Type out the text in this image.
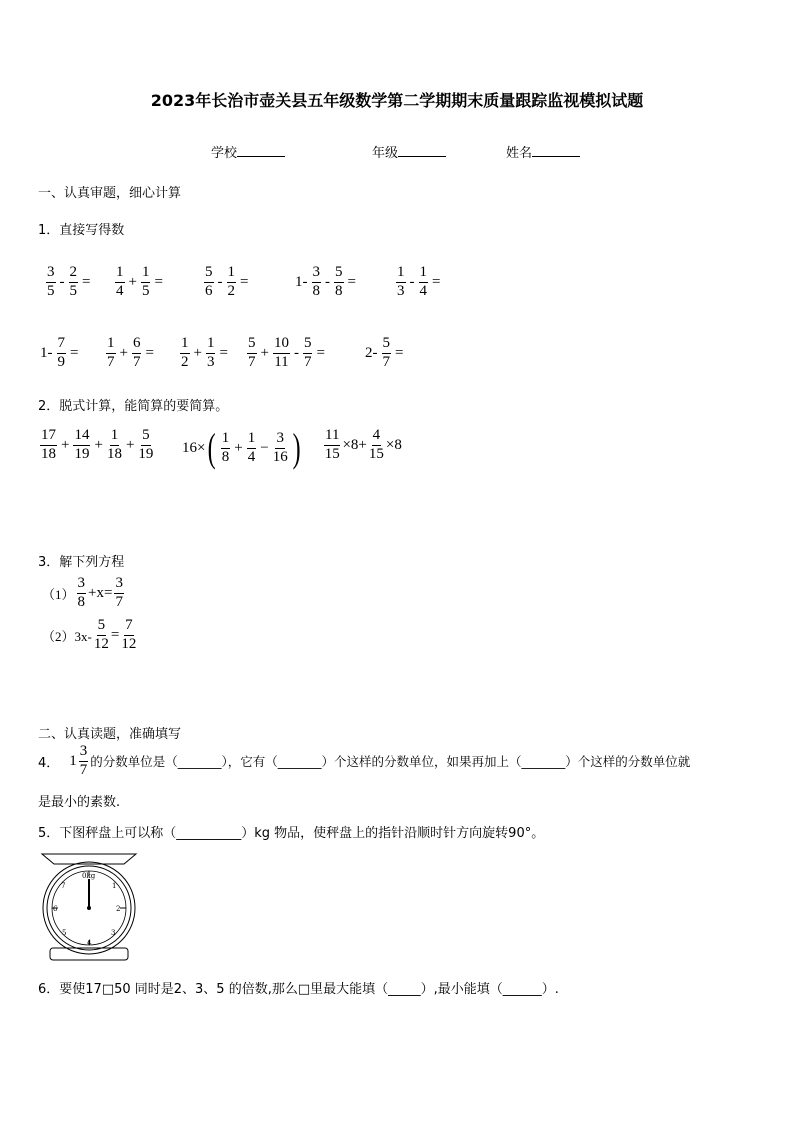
2023年长治市壶关县五年级数学第二学期期末质量跟踪监视模拟试题
学校	年级	姓名
一、认真审题，细心计算
1．直接写得数
$\frac{3}{5} - \frac{2}{5} = \frac{1}{4} + \frac{1}{5}$ =	$\frac{5}{6} - \frac{1}{2}$ =	$1- \frac{3}{8} - \frac{5}{8}$ =	$\frac{1}{3} - \frac{1}{4}$ =
$1- \frac{7}{9} = \frac{1}{7} + \frac{6}{7} = \frac{1}{2} + \frac{1}{3} = \frac{5}{7} + \frac{10}{11} - \frac{5}{7}$ =	$2- \frac{5}{7}$ =
2．脱式计算，能简算的要简算。
$\frac{17}{18} + \frac{14}{19} + \frac{1}{18} + \frac{5}{19} 16\times$ ( $\frac{1}{8} + \frac{1}{4} - \frac{3}{16}$ ) $\frac{11}{15} \times 8+ \frac{4}{15} \times 8$
3．解下列方程
$(1) \frac{3}{8} +x= \frac{3}{7}$
$(2)3x- \frac{5}{12} = \frac{7}{12}$
二、认真读题，准确填写
4． $1 \frac{3}{7}$ 的分数单位是（_______），它有（_______）个这样的分数单位，如果再加上（_______）个这样的分数单位就
是最小的素数.
5．下图秤盘上可以称（__________）kg 物品，使秤盘上的指针沿顺时针方向旋转90°。
0kg
1
2
3
4
5
6
7
6．要使17□50 同时是2、3、5 的倍数,那么□里最大能填（_____）,最小能填（______）.
